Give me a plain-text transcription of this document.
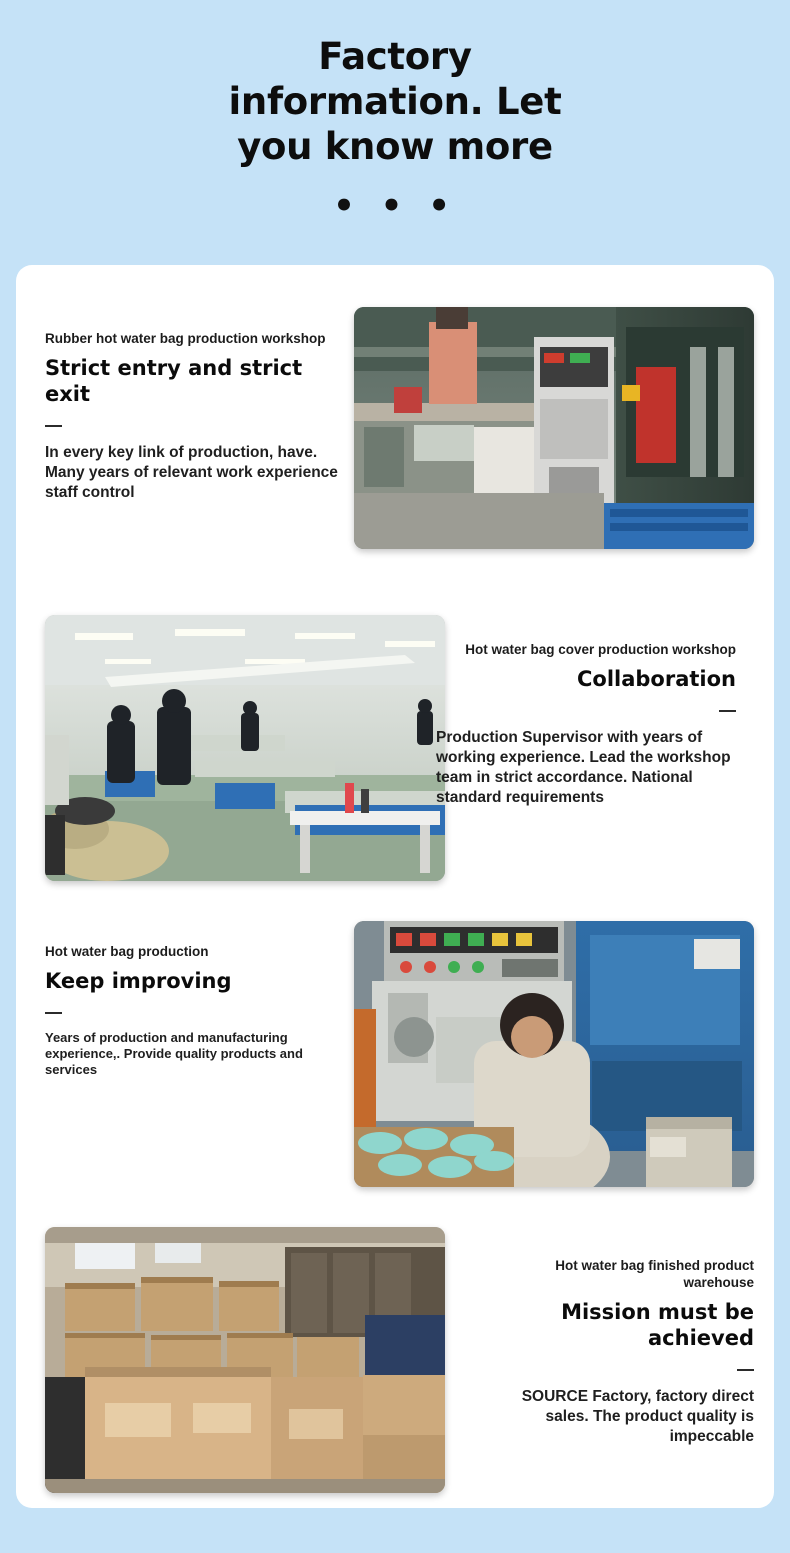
Factory information. Let you know more
• • •
Rubber hot water bag production workshop
Strict entry and strict exit
In every key link of production, have. Many years of relevant work experience staff control
Hot water bag cover production workshop
Collaboration
Production Supervisor with years of working experience. Lead the workshop team in strict accordance. National standard requirements
Hot water bag production
Keep improving
Years of production and manufacturing experience,. Provide quality products and services
Hot water bag finished product warehouse
Mission must be achieved
SOURCE Factory, factory direct sales. The product quality is impeccable
